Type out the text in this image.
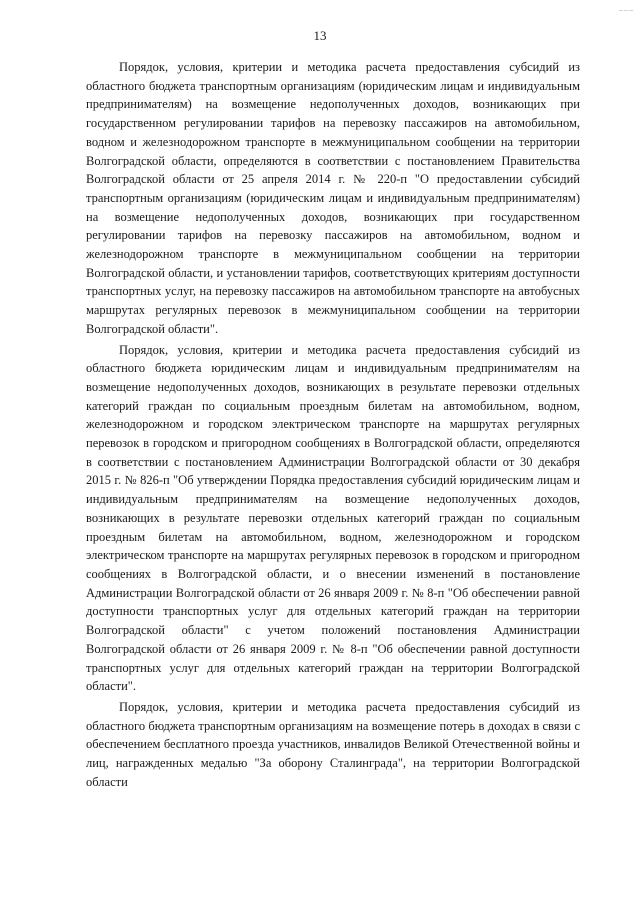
___
13

Порядок, условия, критерии и методика расчета предоставления субсидий из областного бюджета транспортным организациям (юридическим лицам и индивидуальным предпринимателям) на возмещение недополученных доходов, возникающих при государственном регулировании тарифов на перевозку пассажиров на автомобильном, водном и железнодорожном транспорте в межмуниципальном сообщении на территории Волгоградской области, определяются в соответствии с постановлением Правительства Волгоградской области от 25 апреля 2014 г. № 220-п "О предоставлении субсидий транспортным организациям (юридическим лицам и индивидуальным предпринимателям) на возмещение недополученных доходов, возникающих при государственном регулировании тарифов на перевозку пассажиров на автомобильном, водном и железнодорожном транспорте в межмуниципальном сообщении на территории Волгоградской области, и установлении тарифов, соответствующих критериям доступности транспортных услуг, на перевозку пассажиров на автомобильном транспорте на автобусных маршрутах регулярных перевозок в межмуниципальном сообщении на территории Волгоградской области".

Порядок, условия, критерии и методика расчета предоставления субсидий из областного бюджета юридическим лицам и индивидуальным предпринимателям на возмещение недополученных доходов, возникающих в результате перевозки отдельных категорий граждан по социальным проездным билетам на автомобильном, водном, железнодорожном и городском электрическом транспорте на маршрутах регулярных перевозок в городском и пригородном сообщениях в Волгоградской области, определяются в соответствии с постановлением Администрации Волгоградской области от 30 декабря 2015 г. № 826-п "Об утверждении Порядка предоставления субсидий юридическим лицам и индивидуальным предпринимателям на возмещение недополученных доходов, возникающих в результате перевозки отдельных категорий граждан по социальным проездным билетам на автомобильном, водном, железнодорожном и городском электрическом транспорте на маршрутах регулярных перевозок в городском и пригородном сообщениях в Волгоградской области, и о внесении изменений в постановление Администрации Волгоградской области от 26 января 2009 г. № 8-п "Об обеспечении равной доступности транспортных услуг для отдельных категорий граждан на территории Волгоградской области" с учетом положений постановления Администрации Волгоградской области от 26 января 2009 г. № 8-п "Об обеспечении равной доступности транспортных услуг для отдельных категорий граждан на территории Волгоградской области".

Порядок, условия, критерии и методика расчета предоставления субсидий из областного бюджета транспортным организациям на возмещение потерь в доходах в связи с обеспечением бесплатного проезда участников, инвалидов Великой Отечественной войны и лиц, награжденных медалью "За оборону Сталинграда", на территории Волгоградской области
